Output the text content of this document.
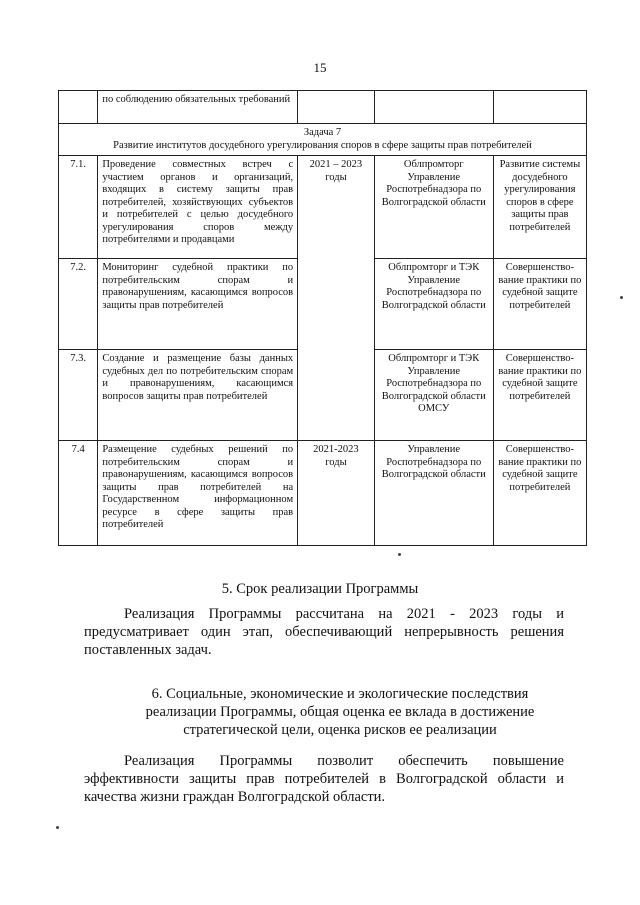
15
	по соблюдению обязательных требований			

Задача 7
Развитие институтов досудебного урегулирования споров в сфере защиты прав потребителей				

7.1.	Проведение совместных встреч с участием органов и организаций, входящих в систему защиты прав потребителей, хозяйствующих субъектов и потребителей с целью досудебного урегулирования споров между потребителями и продавцами	2021 – 2023 годы	Облпромторг Управление Роспотребнадзора по Волгоградской области	Развитие системы досудебного урегулирования споров в сфере защиты прав потребителей
7.2.	Мониторинг судебной практики по потребительским спорам и правонарушениям, касающимся вопросов защиты прав потребителей		Облпромторг и ТЭК Управление Роспотребнадзора по Волгоградской области	Совершенство-вание практики по судебной защите потребителей
7.3.	Создание и размещение базы данных судебных дел по потребительским спорам и правонарушениям, касающимся вопросов защиты прав потребителей		Облпромторг и ТЭК Управление Роспотребнадзора по Волгоградской области ОМСУ	Совершенство-вание практики по судебной защите потребителей
7.4	Размещение судебных решений по потребительским спорам и правонарушениям, касающимся вопросов защиты прав потребителей на Государственном информационном ресурсе в сфере защиты прав потребителей	2021-2023 годы	Управление Роспотребнадзора по Волгоградской области	Совершенство-вание практики по судебной защите потребителей
5. Срок реализации Программы

Реализация Программы рассчитана на 2021 - 2023 годы и предусматривает один этап, обеспечивающий непрерывность решения поставленных задач.

6. Социальные, экономические и экологические последствия реализации Программы, общая оценка ее вклада в достижение стратегической цели, оценка рисков ее реализации

Реализация Программы позволит обеспечить повышение эффективности защиты прав потребителей в Волгоградской области и качества жизни граждан Волгоградской области.
